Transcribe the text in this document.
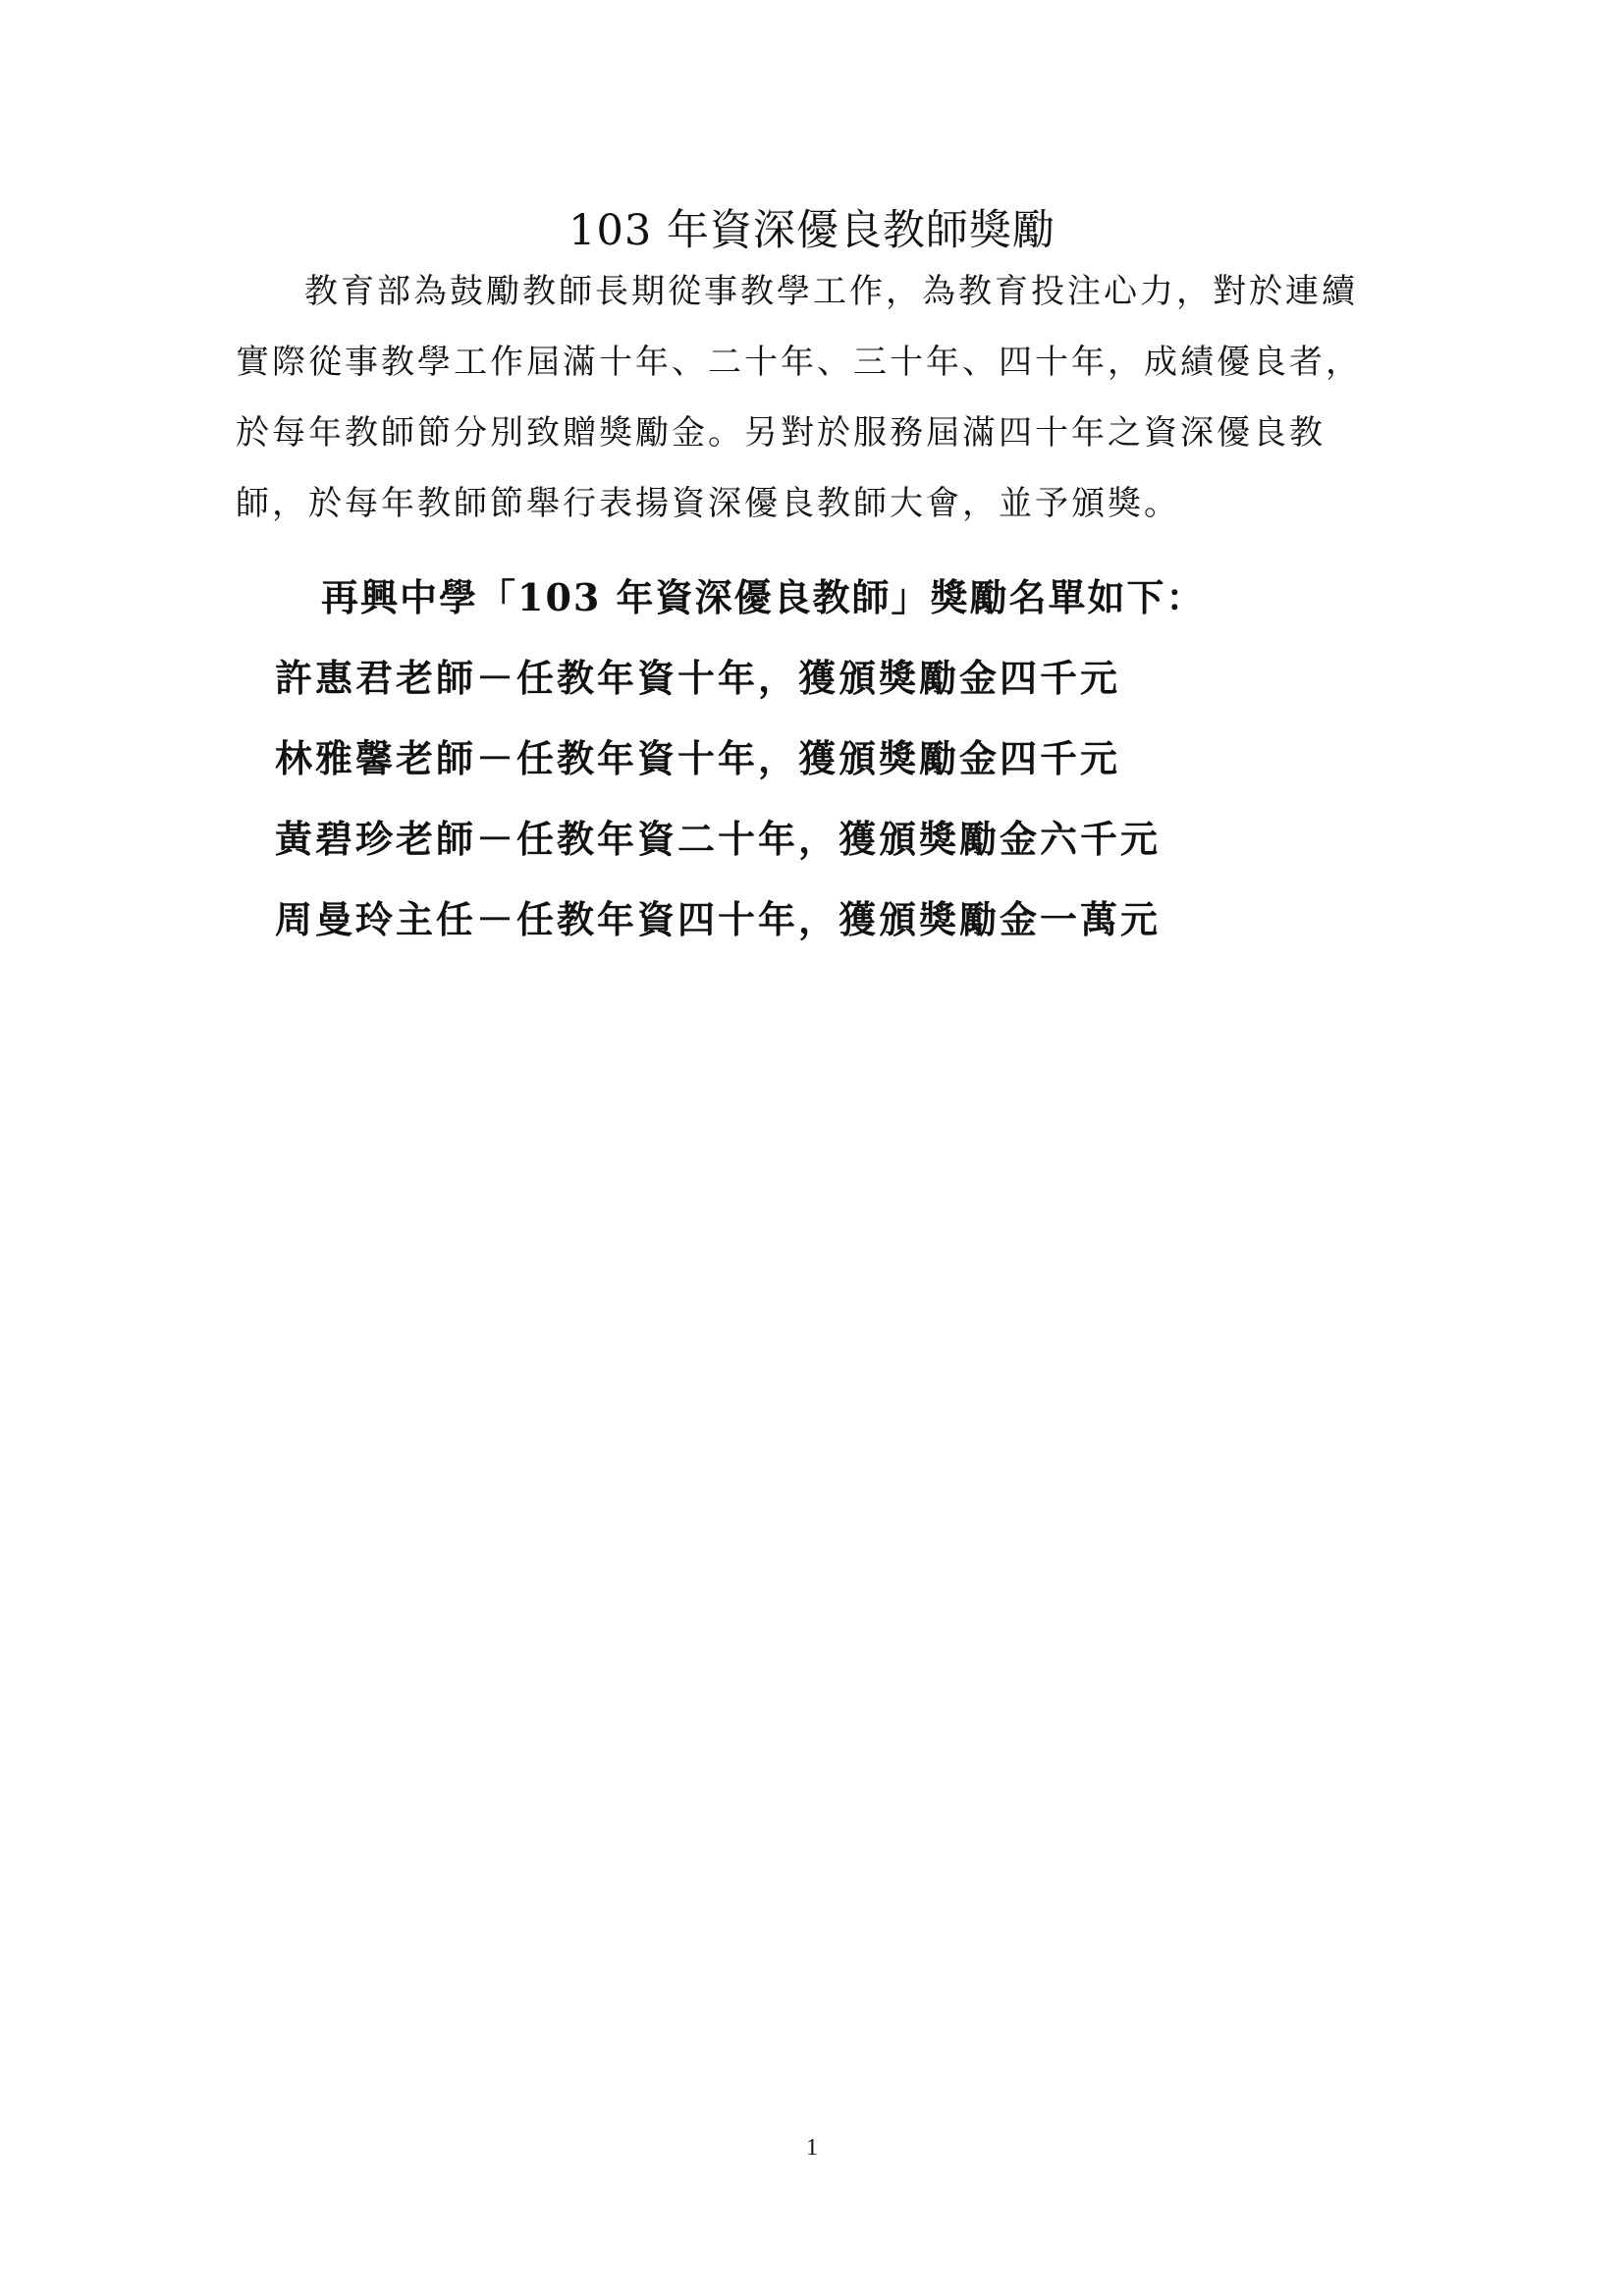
103 年資深優良教師獎勵
教育部為鼓勵教師長期從事教學工作，為教育投注心力，對於連續
實際從事教學工作屆滿十年、二十年、三十年、四十年，成績優良者，
於每年教師節分別致贈獎勵金。另對於服務屆滿四十年之資深優良教
師，於每年教師節舉行表揚資深優良教師大會，並予頒獎。
再興中學「103 年資深優良教師」獎勵名單如下：
許惠君老師－任教年資十年，獲頒獎勵金四千元
林雅馨老師－任教年資十年，獲頒獎勵金四千元
黃碧珍老師－任教年資二十年，獲頒獎勵金六千元
周曼玲主任－任教年資四十年，獲頒獎勵金一萬元
1
